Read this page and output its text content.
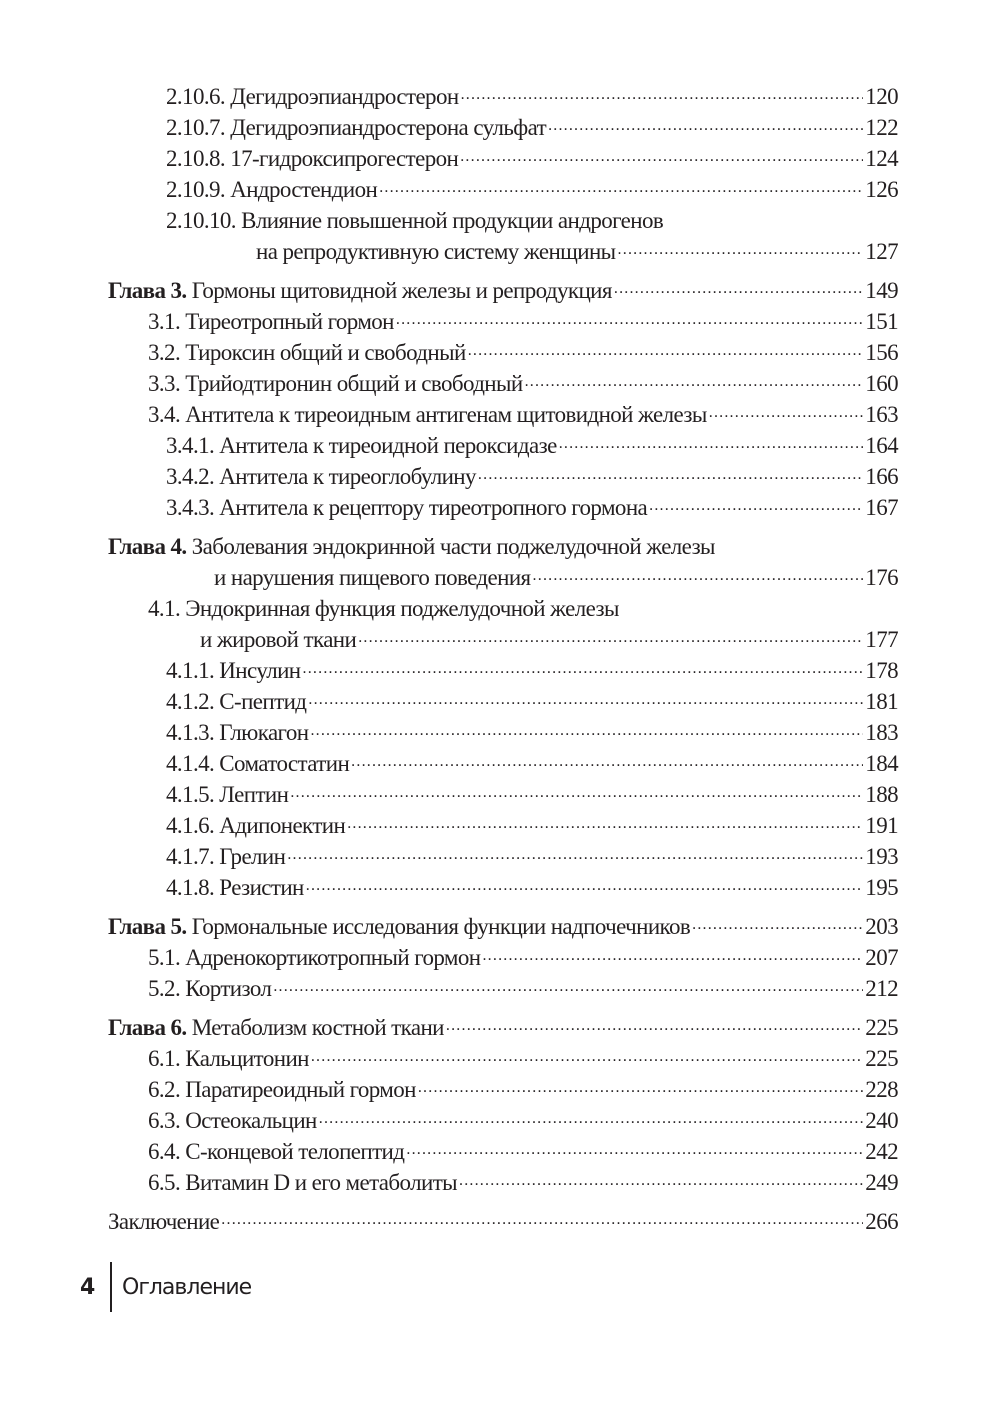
2.10.6. Дегидроэпиандростерон .....	120
2.10.7. Дегидроэпиандростерона сульфат .....	122
2.10.8. 17-гидроксипрогестерон .....	124
2.10.9. Андростендион .....	126
2.10.10. Влияние повышенной продукции андрогенов
на репродуктивную систему женщины .....	127
Глава 3. Гормоны щитовидной железы и репродукция .....	149
3.1. Тиреотропный гормон .....	151
3.2. Тироксин общий и свободный .....	156
3.3. Трийодтиронин общий и свободный .....	160
3.4. Антитела к тиреоидным антигенам щитовидной железы .....	163
3.4.1. Антитела к тиреоидной пероксидазе .....	164
3.4.2. Антитела к тиреоглобулину .....	166
3.4.3. Антитела к рецептору тиреотропного гормона .....	167
Глава 4. Заболевания эндокринной части поджелудочной железы
и нарушения пищевого поведения .....	176
4.1. Эндокринная функция поджелудочной железы
и жировой ткани .....	177
4.1.1. Инсулин .....	178
4.1.2. С-пептид .....	181
4.1.3. Глюкагон .....	183
4.1.4. Соматостатин .....	184
4.1.5. Лептин .....	188
4.1.6. Адипонектин .....	191
4.1.7. Грелин .....	193
4.1.8. Резистин .....	195
Глава 5. Гормональные исследования функции надпочечников .....	203
5.1. Адренокортикотропный гормон .....	207
5.2. Кортизол .....	212
Глава 6. Метаболизм костной ткани .....	225
6.1. Кальцитонин .....	225
6.2. Паратиреоидный гормон .....	228
6.3. Остеокальцин .....	240
6.4. С-концевой телопептид .....	242
6.5. Витамин D и его метаболиты .....	249
Заключение .....	266
4	Оглавление
